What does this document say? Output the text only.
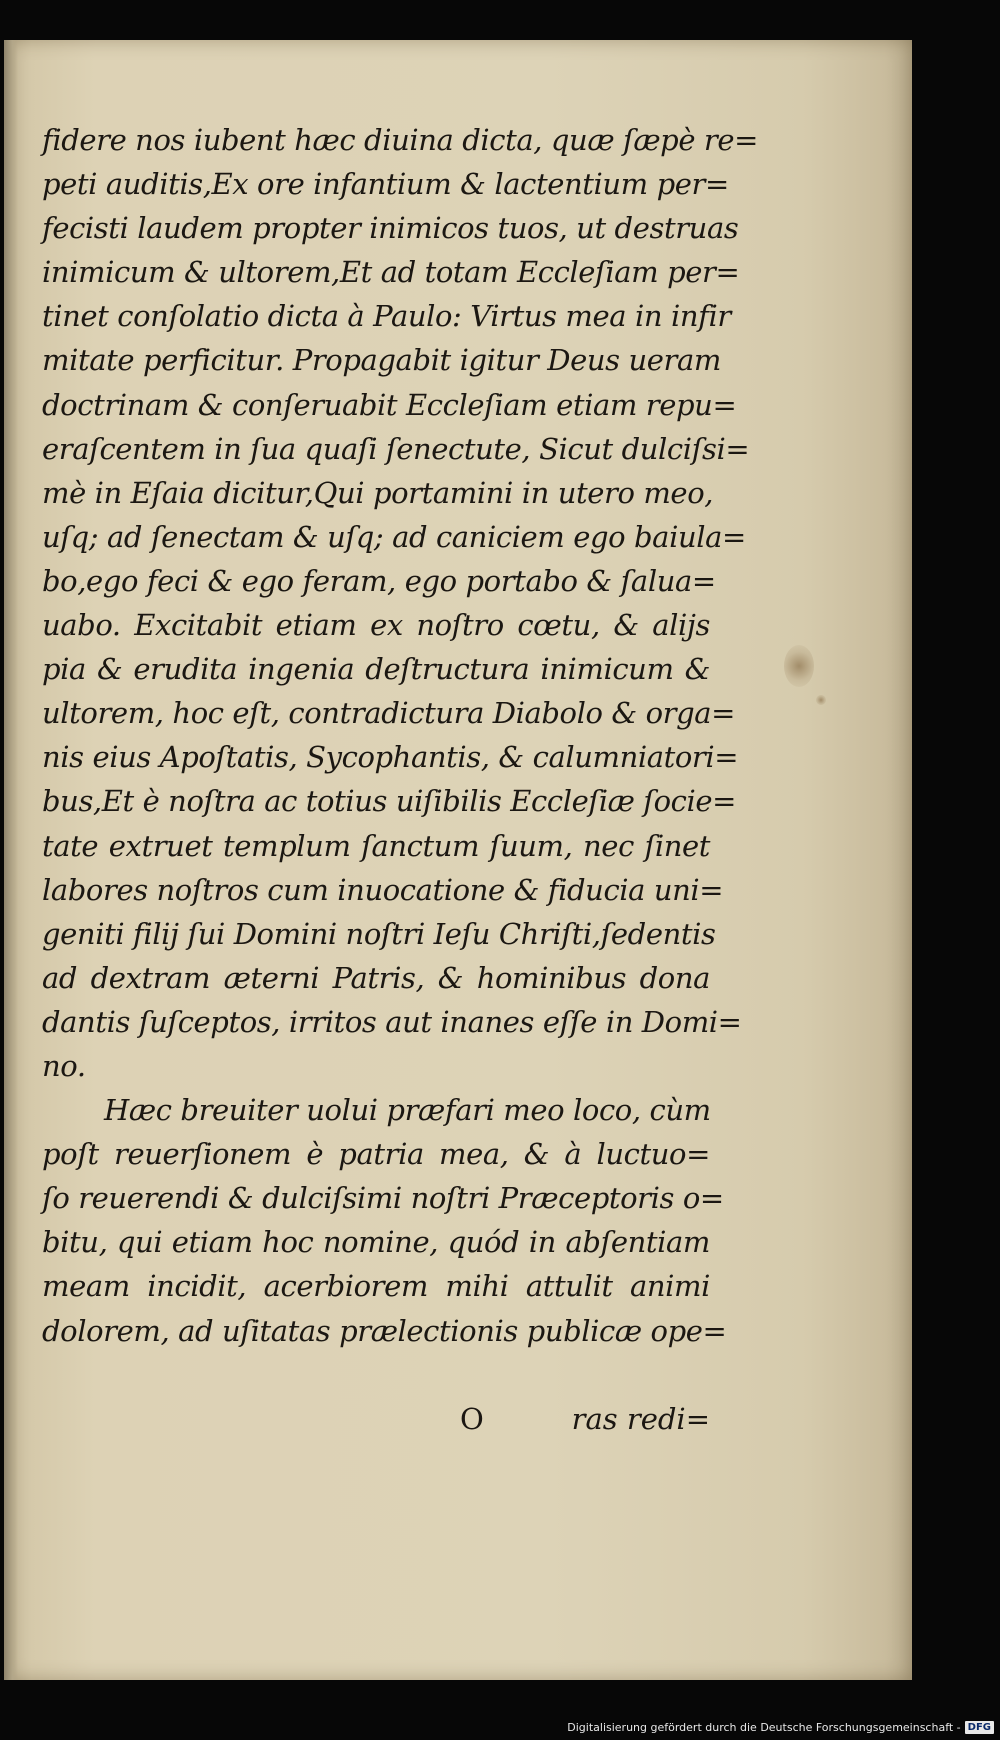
fidere nos iubent hæc diuina dicta, quæ ſæpè re=
peti auditis,Ex ore infantium & lactentium per=
fecisti laudem propter inimicos tuos, ut destruas
inimicum & ultorem,Et ad totam Eccleſiam per=
tinet conſolatio dicta à Paulo: Virtus mea in infir
mitate perficitur. Propagabit igitur Deus ueram
doctrinam & conſeruabit Eccleſiam etiam repu=
eraſcentem in ſua quaſi ſenectute, Sicut dulciſsi=
mè in Eſaia dicitur,Qui portamini in utero meo,
uſq; ad ſenectam & uſq; ad caniciem ego baiula=
bo,ego feci & ego feram, ego portabo & ſalua=
uabo. Excitabit etiam ex noſtro cœtu, & alijs
pia & erudita ingenia deſtructura inimicum &
ultorem, hoc eſt, contradictura Diabolo & orga=
nis eius Apoſtatis, Sycophantis, & calumniatori=
bus,Et è noſtra ac totius uiſibilis Eccleſiæ ſocie=
tate extruet templum ſanctum ſuum, nec ſinet
labores noſtros cum inuocatione & fiducia uni=
geniti filij ſui Domini noſtri Ieſu Chriſti,ſedentis
ad dextram æterni Patris, & hominibus dona
dantis ſuſceptos, irritos aut inanes eſſe in Domi=
no.
Hæc breuiter uolui præfari meo loco, cùm
poſt reuerſionem è patria mea, & à luctuo=
ſo reuerendi & dulciſsimi noſtri Præceptoris o=
bitu, qui etiam hoc nomine, quód in abſentiam
meam incidit, acerbiorem mihi attulit animi
dolorem, ad uſitatas prælectionis publicæ ope=
O	ras redi=
Digitalisierung gefördert durch die Deutsche Forschungsgemeinschaft - DFG
